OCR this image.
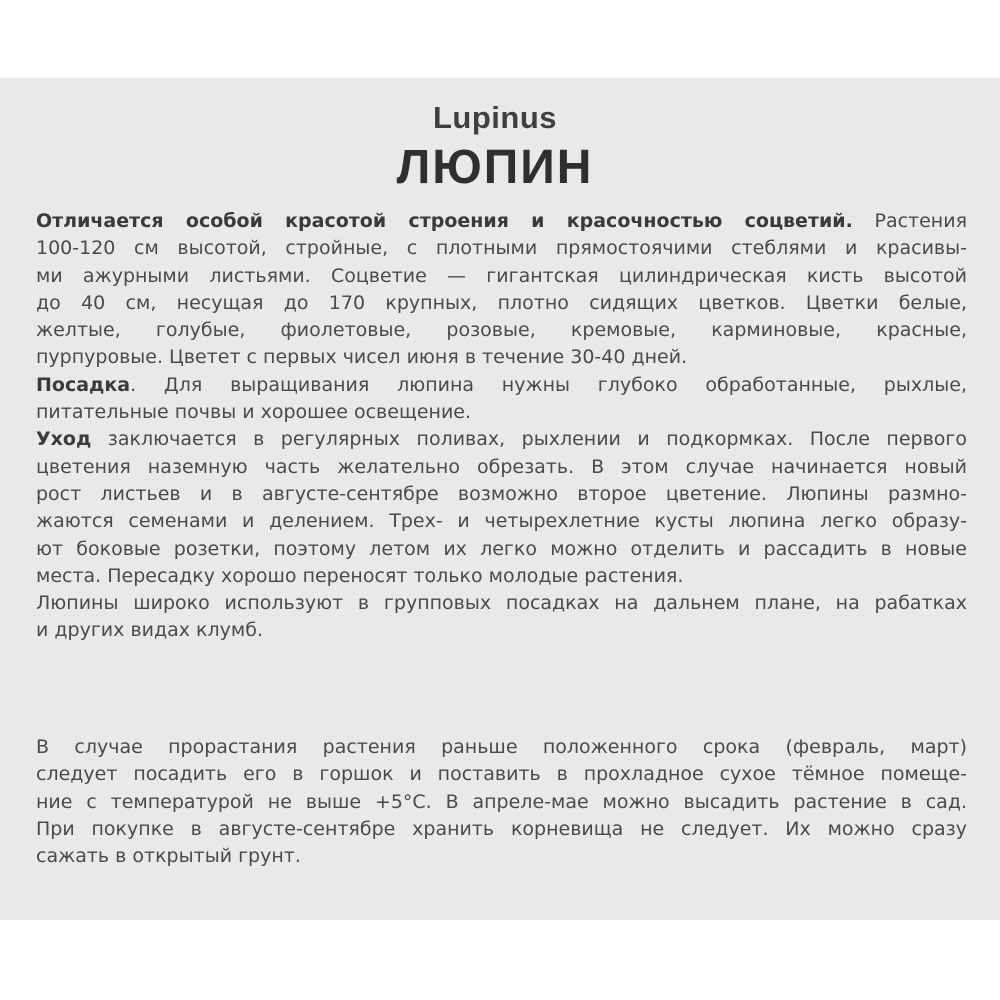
Lupinus
ЛЮПИН
Отличается особой красотой строения и красочностью соцветий. Растения
100-120 см высотой, стройные, с плотными прямостоячими стеблями и красивы-
ми ажурными листьями. Соцветие — гигантская цилиндрическая кисть высотой
до 40 см, несущая до 170 крупных, плотно сидящих цветков. Цветки белые,
желтые, голубые, фиолетовые, розовые, кремовые, карминовые, красные,
пурпуровые. Цветет с первых чисел июня в течение 30-40 дней.
Посадка. Для выращивания люпина нужны глубоко обработанные, рыхлые,
питательные почвы и хорошее освещение.
Уход заключается в регулярных поливах, рыхлении и подкормках. После первого
цветения наземную часть желательно обрезать. В этом случае начинается новый
рост листьев и в августе-сентябре возможно второе цветение. Люпины размно-
жаются семенами и делением. Трех- и четырехлетние кусты люпина легко образу-
ют боковые розетки, поэтому летом их легко можно отделить и рассадить в новые
места. Пересадку хорошо переносят только молодые растения.
Люпины широко используют в групповых посадках на дальнем плане, на рабатках
и других видах клумб.
В случае прорастания растения раньше положенного срока (февраль, март)
следует посадить его в горшок и поставить в прохладное сухое тёмное помеще-
ние с температурой не выше +5°С. В апреле-мае можно высадить растение в сад.
При покупке в августе-сентябре хранить корневища не следует. Их можно сразу
сажать в открытый грунт.
